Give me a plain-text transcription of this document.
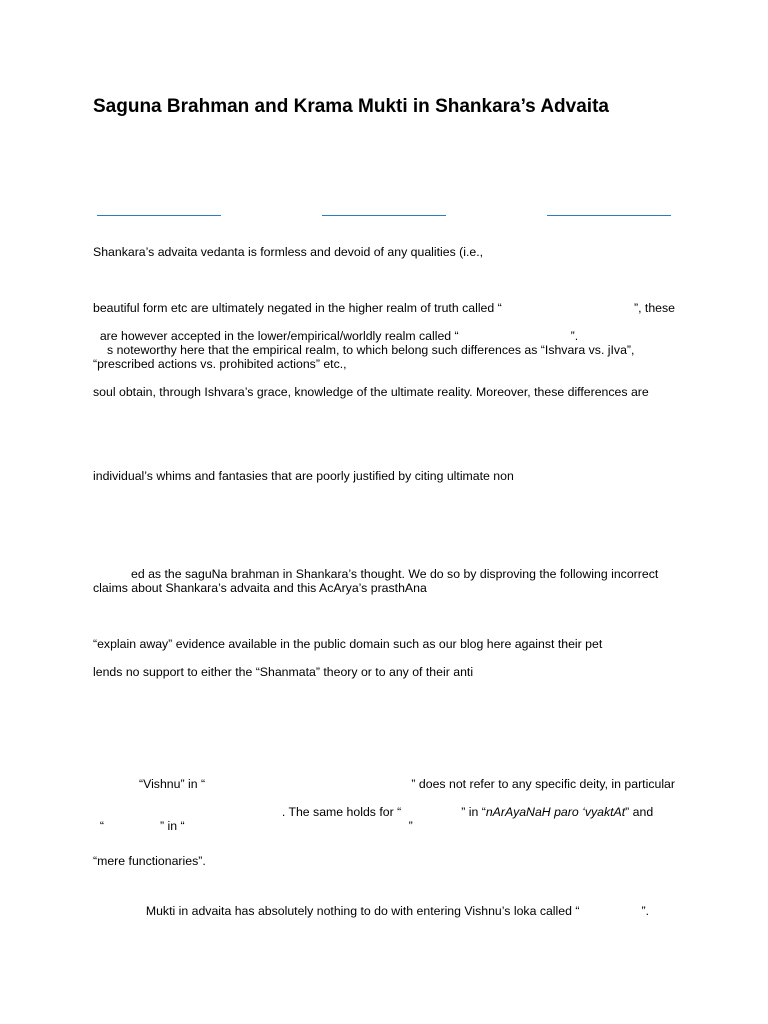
Saguna Brahman and Krama Mukti in Shankara’s Advaita
Shankara’s advaita vedanta is formless and devoid of any qualities (i.e.,
beautiful form etc are ultimately negated in the higher realm of truth called “	”, these

are however accepted in the lower/empirical/worldly realm called “	”.

s noteworthy here that the empirical realm, to which belong such differences as “Ishvara vs. jIva”,
“prescribed actions vs. prohibited actions” etc.,
soul obtain, through Ishvara’s grace, knowledge of the ultimate reality. Moreover, these differences are
individual’s whims and fantasies that are poorly justified by citing ultimate non
ed as the saguNa brahman in Shankara’s thought. We do so by disproving the following incorrect
claims about Shankara’s advaita and this AcArya’s prasthAna
“explain away” evidence available in the public domain such as our blog here against their pet
lends no support to either the “Shanmata” theory or to any of their anti
“Vishnu” in “	” does not refer to any specific deity, in particular

. The same holds for “	” in “nArAyaNaH paro ‘vyaktAt” and

“	” in “	”

“mere functionaries”.

Mukti in advaita has absolutely nothing to do with entering Vishnu’s loka called “	”.
